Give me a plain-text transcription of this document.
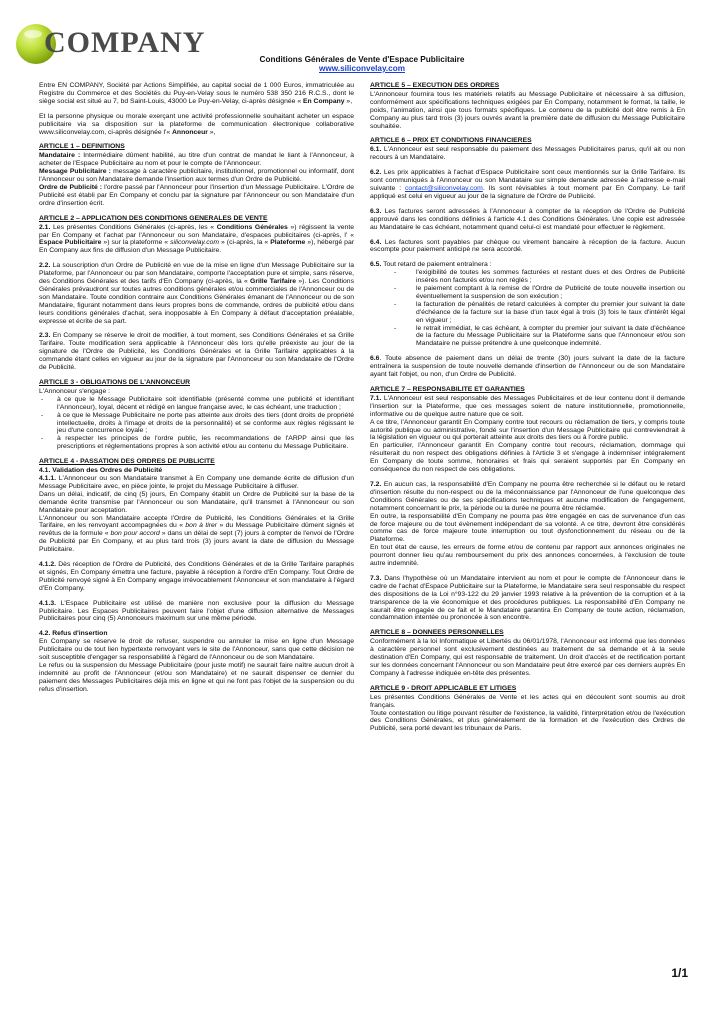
COMPANY
Conditions Générales de Vente d'Espace Publicitaire
www.siliconvelay.com
Entre EN COMPANY, Société par Actions Simplifiée, au capital social de 1 000 Euros, immatriculée au Registre du Commerce et des Sociétés du Puy-en-Velay sous le numéro 538 350 216 R.C.S., dont le siège social est situé au 7, bd Saint-Louis, 43000 Le Puy-en-Velay, ci-après désignée « En Company »,
Et la personne physique ou morale exerçant une activité professionnelle souhaitant acheter un espace publicitaire via sa disposition sur la plateforme de communication électronique collaborative www.siliconvelay.com, ci-après désignée l'« Annonceur »,
ARTICLE 1 – DEFINITIONS
Mandataire : Intermédiaire dûment habilité, au titre d'un contrat de mandat le liant à l'Annonceur, à acheter de l'Espace Publicitaire au nom et pour le compte de l'Annonceur.
Message Publicitaire : message à caractère publicitaire, institutionnel, promotionnel ou informatif, dont l'Annonceur ou son Mandataire demande l'insertion aux termes d'un Ordre de Publicité.
Ordre de Publicité : l'ordre passé par l'Annonceur pour l'insertion d'un Message Publicitaire. L'Ordre de Publicité est établi par En Company et conclu par la signature par l'Annonceur ou son Mandataire d'un ordre d'insertion écrit.
ARTICLE 2 – APPLICATION DES CONDITIONS GENERALES DE VENTE
2.1. Les présentes Conditions Générales (ci-après, les « Conditions Générales ») régissent la vente par En Company et l'achat par l'Annonceur ou son Mandataire, d'espaces publicitaires (ci-après, l' « Espace Publicitaire ») sur la plateforme « siliconvelay.com » (ci-après, la « Plateforme »), hébergé par En Company aux fins de diffusion d'un Message Publicitaire.
2.2. La souscription d'un Ordre de Publicité en vue de la mise en ligne d'un Message Publicitaire sur la Plateforme, par l'Annonceur ou par son Mandataire, comporte l'acceptation pure et simple, sans réserve, des Conditions Générales et des tarifs d'En Company (ci-après, la « Grille Tarifaire »). Les Conditions Générales prévaudront sur toutes autres conditions générales et/ou commerciales de l'Annonceur ou de son Mandataire. Toute condition contraire aux Conditions Générales émanant de l'Annonceur ou de son Mandataire, figurant notamment dans leurs propres bons de commande, ordres de publicité et/ou dans leurs conditions générales d'achat, sera inopposable à En Company à défaut d'acceptation préalable, expresse et écrite de sa part.
2.3. En Company se réserve le droit de modifier, à tout moment, ses Conditions Générales et sa Grille Tarifaire. Toute modification sera applicable à l'Annonceur dès lors qu'elle préexiste au jour de la signature de l'Ordre de Publicité, les Conditions Générales et la Grille Tarifaire applicables à la commande étant celles en vigueur au jour de la signature par l'Annonceur ou son Mandataire de l'Ordre de Publicité.
ARTICLE 3 - OBLIGATIONS DE L'ANNONCEUR
L'Annonceur s'engage :
- à ce que le Message Publicitaire soit identifiable (présenté comme une publicité et identifiant l'Annonceur), loyal, décent et rédigé en langue française avec, le cas échéant, une traduction ;
- à ce que le Message Publicitaire ne porte pas atteinte aux droits des tiers (dont droits de propriété intellectuelle, droits à l'image et droits de la personnalité) et se conforme aux règles régissant le jeu d'une concurrence loyale ;
- à respecter les principes de l'ordre public, les recommandations de l'ARPP ainsi que les prescriptions et réglementations propres à son activité et/ou au contenu du Message Publicitaire.
ARTICLE 4 - PASSATION DES ORDRES DE PUBLICITE
4.1. Validation des Ordres de Publicité
4.1.1. L'Annonceur ou son Mandataire transmet à En Company une demande écrite de diffusion d'un Message Publicitaire avec, en pièce jointe, le projet du Message Publicitaire à diffuser.
Dans un délai, indicatif, de cinq (5) jours, En Company établit un Ordre de Publicité sur la base de la demande écrite transmise par l'Annonceur ou son Mandataire, qu'il transmet à l'Annonceur ou son Mandataire pour acceptation.
L'Annonceur ou son Mandataire accepte l'Ordre de Publicité, les Conditions Générales et la Grille Tarifaire, en les renvoyant accompagnées du « bon à tirer » du Message Publicitaire dûment signés et revêtus de la formule « bon pour accord » dans un délai de sept (7) jours à compter de l'envoi de l'Ordre de Publicité par En Company, et au plus tard trois (3) jours avant la date de diffusion du Message Publicitaire.
4.1.2. Dès réception de l'Ordre de Publicité, des Conditions Générales et de la Grille Tarifaire paraphés et signés, En Company émettra une facture, payable à réception à l'ordre d'En Company. Tout Ordre de Publicité renvoyé signé à En Company engage irrévocablement l'Annonceur et son mandataire à l'égard d'En Company.
4.1.3. L'Espace Publicitaire est utilisé de manière non exclusive pour la diffusion du Message Publicitaire. Les Espaces Publicitaires peuvent faire l'objet d'une diffusion alternative de Messages Publicitaires pour cinq (5) Annonceurs maximum sur une même période.
4.2. Refus d'insertion
En Company se réserve le droit de refuser, suspendre ou annuler la mise en ligne d'un Message Publicitaire ou de tout lien hypertexte renvoyant vers le site de l'Annonceur, sans que cette décision ne soit susceptible d'engager sa responsabilité à l'égard de l'Annonceur ou de son Mandataire.
Le refus ou la suspension du Message Publicitaire (pour juste motif) ne saurait faire naître aucun droit à indemnité au profit de l'Annonceur (et/ou son Mandataire) et ne saurait dispenser ce dernier du paiement des Messages Publicitaires déjà mis en ligne et qui ne font pas l'objet de la suspension ou du refus d'insertion.
ARTICLE 5 – EXECUTION DES ORDRES
L'Annonceur fournira tous les matériels relatifs au Message Publicitaire et nécessaire à sa diffusion, conformément aux spécifications techniques exigées par En Company, notamment le format, la taille, le poids, l'animation, ainsi que tous formats spécifiques. Le contenu de la publicité doit être remis à En Company au plus tard trois (3) jours ouvrés avant la première date de diffusion du Message Publicitaire souhaitée.
ARTICLE 6 – PRIX ET CONDITIONS FINANCIERES
6.1. L'Annonceur est seul responsable du paiement des Messages Publicitaires parus, qu'il ait ou non recours à un Mandataire.
6.2. Les prix applicables à l'achat d'Espace Publicitaire sont ceux mentionnés sur la Grille Tarifaire. Ils sont communiqués à l'Annonceur ou son Mandataire sur simple demande adressée à l'adresse e-mail suivante : contact@siliconvelay.com. Ils sont révisables à tout moment par En Company. Le tarif appliqué est celui en vigueur au jour de la signature de l'Ordre de Publicité.
6.3. Les factures seront adressées à l'Annonceur à compter de la réception de l'Ordre de Publicité approuvé dans les conditions définies à l'article 4.1 des Conditions Générales. Une copie est adressée au Mandataire le cas échéant, notamment quand celui-ci est mandaté pour effectuer le règlement.
6.4. Les factures sont payables par chèque ou virement bancaire à réception de la facture. Aucun escompte pour paiement anticipé ne sera accordé.
6.5. Tout retard de paiement entraînera :
- l'exigibilité de toutes les sommes facturées et restant dues et des Ordres de Publicité insérés non facturés et/ou non réglés ;
- le paiement comptant à la remise de l'Ordre de Publicité de toute nouvelle insertion ou éventuellement la suspension de son exécution ;
- la facturation de pénalités de retard calculées à compter du premier jour suivant la date d'échéance de la facture sur la base d'un taux égal à trois (3) fois le taux d'intérêt légal en vigueur ;
- le retrait immédiat, le cas échéant, à compter du premier jour suivant la date d'échéance de la facture du Message Publicitaire sur la Plateforme sans que l'Annonceur et/ou son Mandataire ne puisse prétendre à une quelconque indemnité.
6.6. Toute absence de paiement dans un délai de trente (30) jours suivant la date de la facture entraînera la suspension de toute nouvelle demande d'insertion de l'Annonceur ou de son Mandataire ayant fait l'objet, ou non, d'un Ordre de Publicité.
ARTICLE 7 – RESPONSABILITE ET GARANTIES
7.1. L'Annonceur est seul responsable des Messages Publicitaires et de leur contenu dont il demande l'insertion sur la Plateforme, que ces messages soient de nature institutionnelle, promotionnelle, informative ou de quelque autre nature que ce soit.
A ce titre, l'Annonceur garantit En Company contre tout recours ou réclamation de tiers, y compris toute autorité publique ou administrative, fondé sur l'insertion d'un Message Publicitaire qui contreviendrait à la législation en vigueur ou qui porterait atteinte aux droits des tiers ou à l'ordre public.
En particulier, l'Annonceur garantit En Company contre tout recours, réclamation, dommage qui résulterait du non respect des obligations définies à l'Article 3 et s'engage à indemniser intégralement En Company de toute somme, honoraires et frais qui seraient supportés par En Company en conséquence du non respect de ces obligations.
7.2. En aucun cas, la responsabilité d'En Company ne pourra être recherchée si le défaut ou le retard d'insertion résulte du non-respect ou de la méconnaissance par l'Annonceur de l'une quelconque des Conditions Générales ou de ses spécifications techniques et aucune modification de l'engagement, notamment concernant le prix, la période ou la durée ne pourra être réclamée.
En outre, la responsabilité d'En Company ne pourra pas être engagée en cas de survenance d'un cas de force majeure ou de tout évènement indépendant de sa volonté. A ce titre, devront être considérés comme cas de force majeure toute interruption ou tout dysfonctionnement du réseau ou de la Plateforme.
En tout état de cause, les erreurs de forme et/ou de contenu par rapport aux annonces originales ne pourront donner lieu qu'au remboursement du prix des annonces concernées, à l'exclusion de toute autre indemnité.
7.3. Dans l'hypothèse où un Mandataire intervient au nom et pour le compte de l'Annonceur dans le cadre de l'achat d'Espace Publicitaire sur la Plateforme, le Mandataire sera seul responsable du respect des dispositions de la Loi n°93-122 du 29 janvier 1993 relative à la prévention de la corruption et à la transparence de la vie économique et des procédures publiques. La responsabilité d'En Company ne saurait être engagée de ce fait et le Mandataire garantira En Company de toute action, réclamation, condamnation intentée ou prononcée à son encontre.
ARTICLE 8 – DONNEES PERSONNELLES
Conformément à la loi Informatique et Libertés du 06/01/1978, l'Annonceur est informé que les données à caractère personnel sont exclusivement destinées au traitement de sa demande et à la seule destination d'En Company, qui est responsable de traitement. Un droit d'accès et de rectification portant sur les données concernant l'Annonceur ou son Mandataire peut être exercé par ces derniers auprès En Company à l'adresse indiquée en-tête des présentes.
ARTICLE 9 - DROIT APPLICABLE ET LITIGES
Les présentes Conditions Générales de Vente et les actes qui en découlent sont soumis au droit français.
Toute contestation ou litige pouvant résulter de l'existence, la validité, l'interprétation et/ou de l'exécution des Conditions Générales, et plus généralement de la formation et de l'exécution des Ordres de Publicité, sera porté devant les tribunaux de Paris.
1/1
